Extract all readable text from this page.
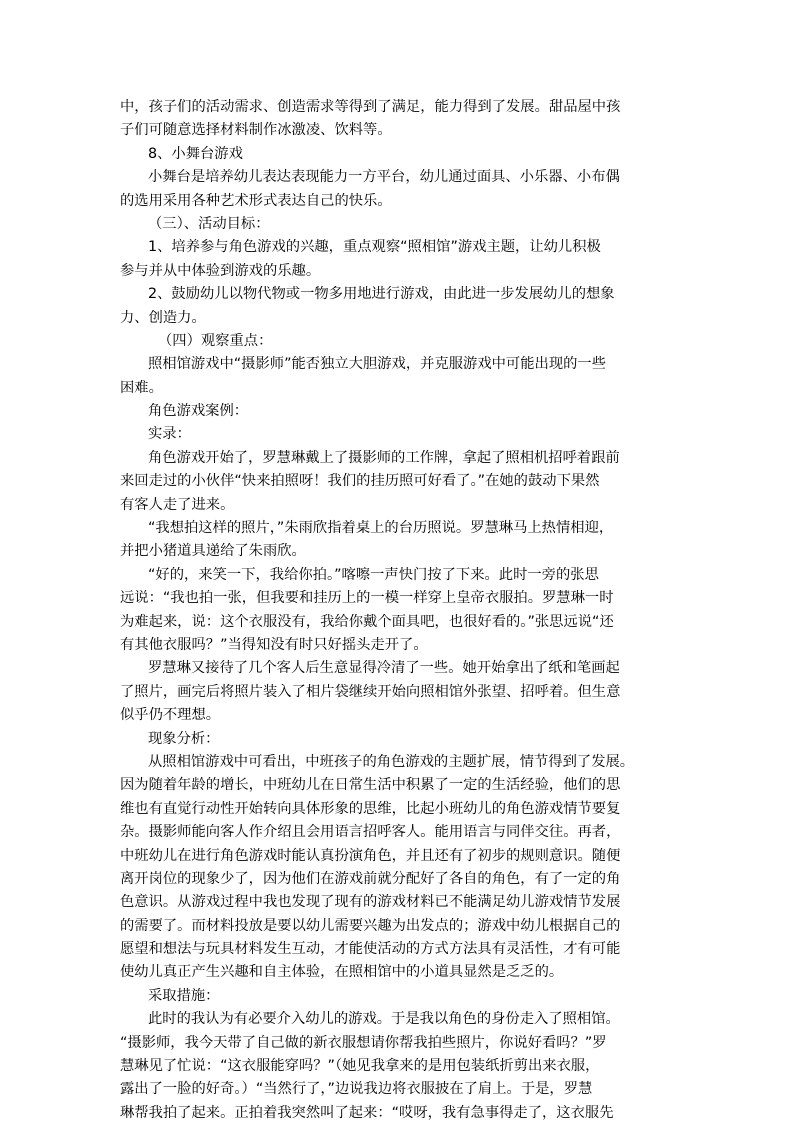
中，孩子们的活动需求、创造需求等得到了满足，能力得到了发展。甜品屋中孩
子们可随意选择材料制作冰激凌、饮料等。
8、小舞台游戏
小舞台是培养幼儿表达表现能力一方平台，幼儿通过面具、小乐器、小布偶
的选用采用各种艺术形式表达自己的快乐。
（三）、活动目标：
1、培养参与角色游戏的兴趣，重点观察“照相馆”游戏主题，让幼儿积极
参与并从中体验到游戏的乐趣。
2、鼓励幼儿以物代物或一物多用地进行游戏，由此进一步发展幼儿的想象
力、创造力。
（四）观察重点：
照相馆游戏中“摄影师”能否独立大胆游戏，并克服游戏中可能出现的一些
困难。
角色游戏案例：
实录：
角色游戏开始了，罗慧琳戴上了摄影师的工作牌，拿起了照相机招呼着跟前
来回走过的小伙伴“快来拍照呀！我们的挂历照可好看了。”在她的鼓动下果然
有客人走了进来。
“我想拍这样的照片，”朱雨欣指着桌上的台历照说。罗慧琳马上热情相迎，
并把小猪道具递给了朱雨欣。
“好的，来笑一下，我给你拍。”喀嚓一声快门按了下来。此时一旁的张思
远说：“我也拍一张，但我要和挂历上的一模一样穿上皇帝衣服拍。罗慧琳一时
为难起来，说：这个衣服没有，我给你戴个面具吧，也很好看的。”张思远说“还
有其他衣服吗？”当得知没有时只好摇头走开了。
罗慧琳又接待了几个客人后生意显得冷清了一些。她开始拿出了纸和笔画起
了照片，画完后将照片装入了相片袋继续开始向照相馆外张望、招呼着。但生意
似乎仍不理想。
现象分析：
从照相馆游戏中可看出，中班孩子的角色游戏的主题扩展，情节得到了发展。
因为随着年龄的增长，中班幼儿在日常生活中积累了一定的生活经验，他们的思
维也有直觉行动性开始转向具体形象的思维，比起小班幼儿的角色游戏情节要复
杂。摄影师能向客人作介绍且会用语言招呼客人。能用语言与同伴交往。再者，
中班幼儿在进行角色游戏时能认真扮演角色，并且还有了初步的规则意识。随便
离开岗位的现象少了，因为他们在游戏前就分配好了各自的角色，有了一定的角
色意识。从游戏过程中我也发现了现有的游戏材料已不能满足幼儿游戏情节发展
的需要了。而材料投放是要以幼儿需要兴趣为出发点的；游戏中幼儿根据自己的
愿望和想法与玩具材料发生互动，才能使活动的方式方法具有灵活性，才有可能
使幼儿真正产生兴趣和自主体验，在照相馆中的小道具显然是乏乏的。
采取措施：
此时的我认为有必要介入幼儿的游戏。于是我以角色的身份走入了照相馆。
“摄影师，我今天带了自己做的新衣服想请你帮我拍些照片，你说好看吗？”罗
慧琳见了忙说：“这衣服能穿吗？”（她见我拿来的是用包装纸折剪出来衣服，
露出了一脸的好奇。）“当然行了，”边说我边将衣服披在了肩上。于是，罗慧
琳帮我拍了起来。正拍着我突然叫了起来：“哎呀，我有急事得走了，这衣服先
